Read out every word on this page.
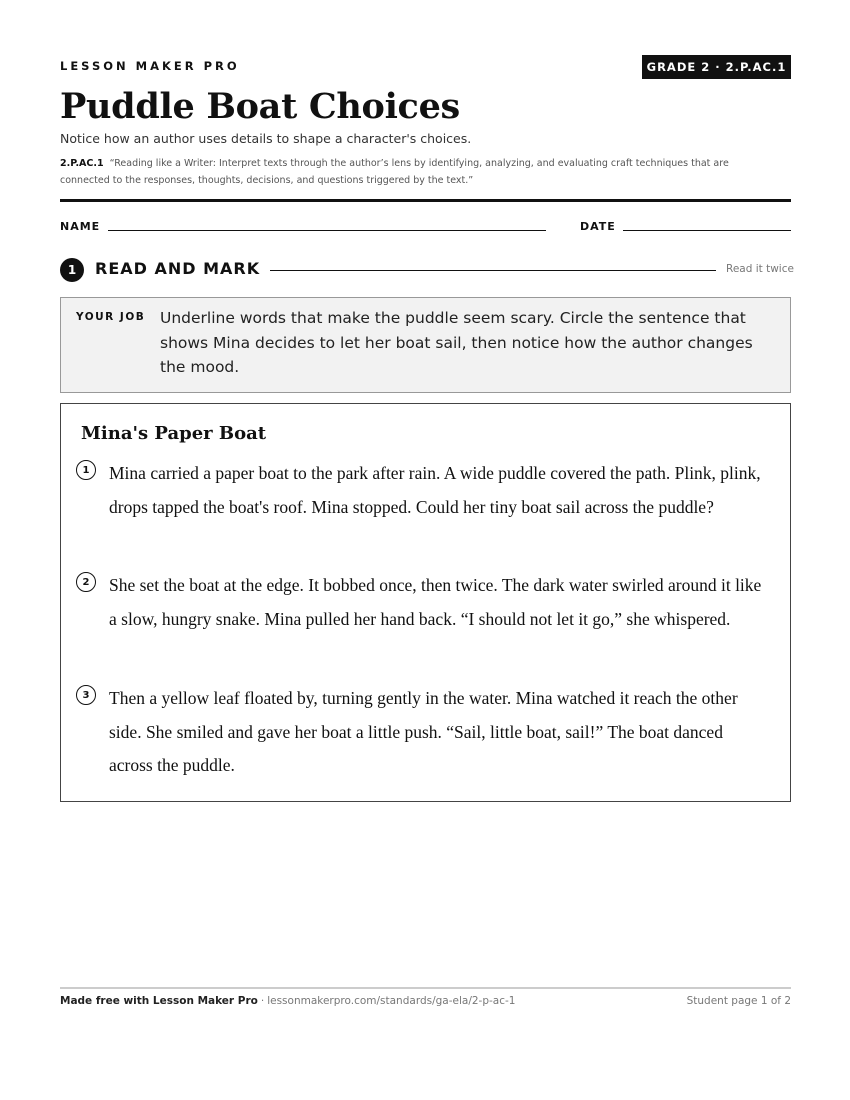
LESSON MAKER PRO	GRADE 2 · 2.P.AC.1
Puddle Boat Choices
Notice how an author uses details to shape a character's choices.
2.P.AC.1 “Reading like a Writer: Interpret texts through the author’s lens by identifying, analyzing, and evaluating craft techniques that are connected to the responses, thoughts, decisions, and questions triggered by the text.”
NAME	DATE
1	READ AND MARK	Read it twice
YOUR JOB Underline words that make the puddle seem scary. Circle the sentence that shows Mina decides to let her boat sail, then notice how the author changes the mood.
Mina's Paper Boat
1	Mina carried a paper boat to the park after rain. A wide puddle covered the path. Plink, plink, drops tapped the boat's roof. Mina stopped. Could her tiny boat sail across the puddle?

2	She set the boat at the edge. It bobbed once, then twice. The dark water swirled around it like a slow, hungry snake. Mina pulled her hand back. “I should not let it go,” she whispered.

3	Then a yellow leaf floated by, turning gently in the water. Mina watched it reach the other side. She smiled and gave her boat a little push. “Sail, little boat, sail!” The boat danced across the puddle.

Made free with Lesson Maker Pro · lessonmakerpro.com/standards/ga-ela/2-p-ac-1	Student page 1 of 2
